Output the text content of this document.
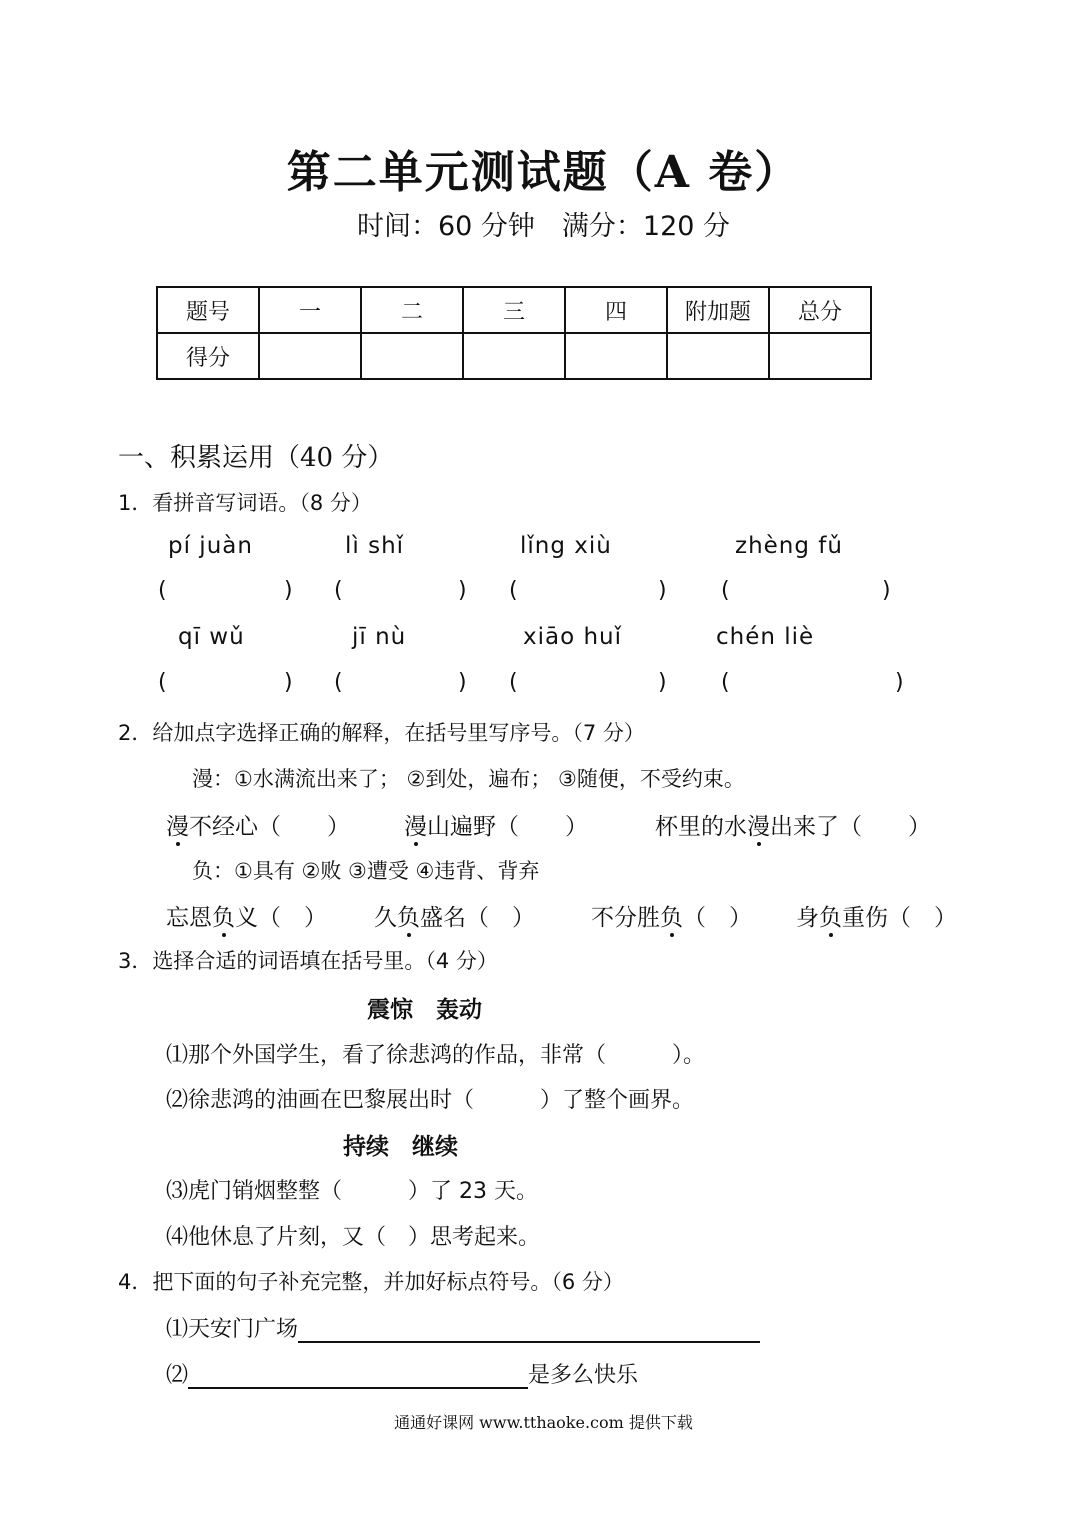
第二单元测试题（A 卷）
时间：60 分钟　满分：120 分
题号	一	二	三	四	附加题	总分
得分						
一、积累运用（40 分）
1．看拼音写词语。（8 分）
pí juàn	lì shǐ	lǐng xiù	zhèng fǔ
(	) (	) (	) (	)
qī wǔ	jī nù	xiāo huǐ	chén liè
(	) (	) (	) (	)
2．给加点字选择正确的解释，在括号里写序号。（7 分）
漫：①水满流出来了； ②到处，遍布； ③随便，不受约束。
漫不经心（　　） 漫山遍野（　　）	杯里的水漫出来了（　　）
负：①具有 ②败 ③遭受 ④违背、背弃
忘恩负义（　） 久负盛名（　） 不分胜负（　） 身负重伤（　）
3．选择合适的词语填在括号里。（4 分）
震惊　轰动
⑴那个外国学生，看了徐悲鸿的作品，非常（　　　）。
⑵徐悲鸿的油画在巴黎展出时（　　　）了整个画界。
持续　继续
⑶虎门销烟整整（　　　）了 23 天。
⑷他休息了片刻，又（　）思考起来。
4．把下面的句子补充完整，并加好标点符号。（6 分）
⑴天安门广场
⑵	是多么快乐
通通好课网 www.tthaoke.com 提供下载
